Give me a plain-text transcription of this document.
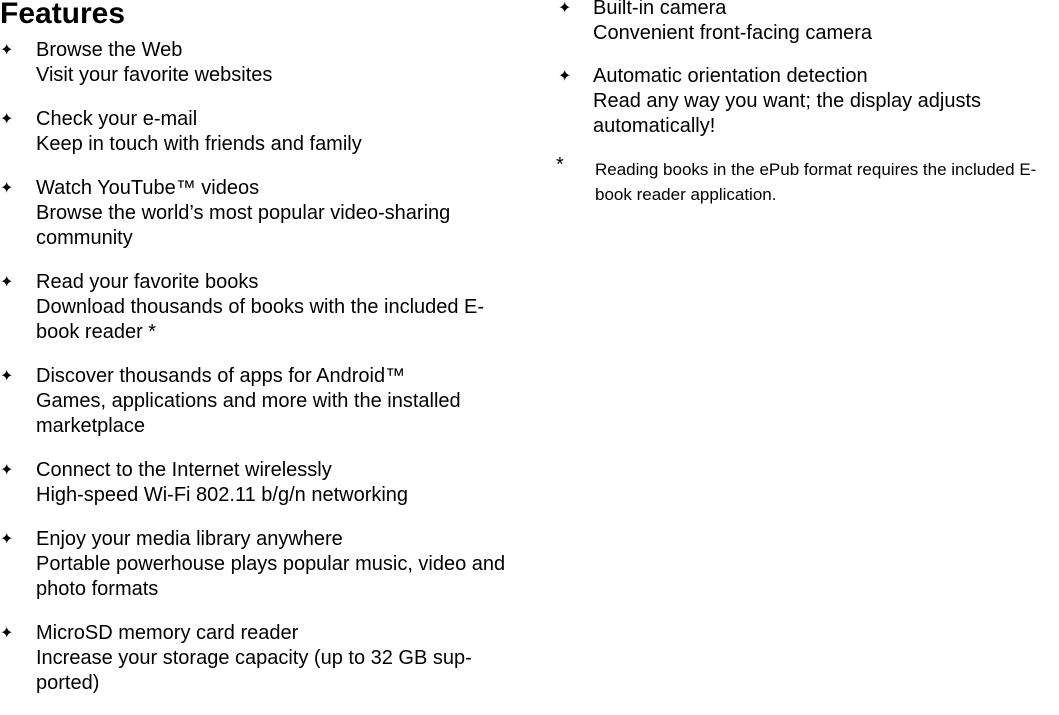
Features
✦ Browse the Web
Visit your favorite websites
✦ Check your e-mail
Keep in touch with friends and family
✦ Watch YouTube™ videos
Browse the world’s most popular video-sharing community
✦ Read your favorite books
Download thousands of books with the included E-book reader *
✦ Discover thousands of apps for Android™
Games, applications and more with the installed marketplace
✦ Connect to the Internet wirelessly
High-speed Wi-Fi 802.11 b/g/n networking
✦ Enjoy your media library anywhere
Portable powerhouse plays popular music, video and photo formats
✦ MicroSD memory card reader
Increase your storage capacity (up to 32 GB sup-ported)
✦ Built-in camera
Convenient front-facing camera
✦ Automatic orientation detection
Read any way you want; the display adjusts automatically!
* Reading books in the ePub format requires the included E-book reader application.
